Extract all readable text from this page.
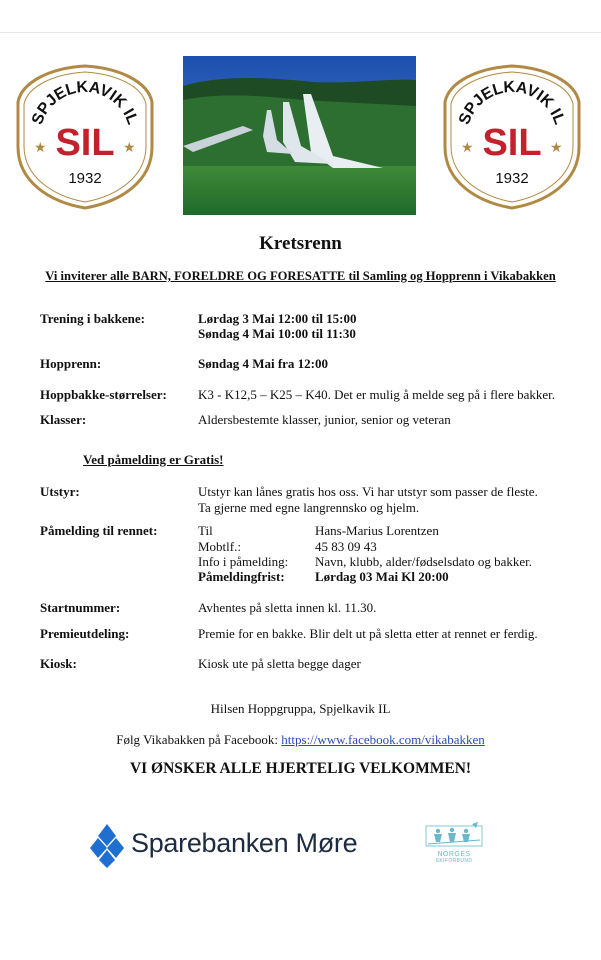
SPJELKAVIK IL
SIL
★	★
1932
SPJELKAVIK IL
SIL
★	★
1932
Kretsrenn
Vi inviterer alle BARN, FORELDRE OG FORESATTE til Samling og Hopprenn i Vikabakken
Trening i bakkene:	Lørdag 3 Mai 12:00 til 15:00
Søndag 4 Mai 10:00 til 11:30
Hopprenn:	Søndag 4 Mai fra 12:00
Hoppbakke-størrelser: K3 - K12,5 – K25 – K40. Det er mulig å melde seg på i flere bakker.
Klasser:	Aldersbestemte klasser, junior, senior og veteran
Ved påmelding er Gratis!
Utstyr:	Utstyr kan lånes gratis hos oss. Vi har utstyr som passer de fleste.
Ta gjerne med egne langrennsko og hjelm.
Påmelding til rennet:	Til	Hans-Marius Lorentzen
Mobtlf.:	45 83 09 43
Info i påmelding: Navn, klubb, alder/fødselsdato og bakker.
Påmeldingfrist: Lørdag 03 Mai Kl 20:00
Startnummer:	Avhentes på sletta innen kl. 11.30.
Premieutdeling:	Premie for en bakke. Blir delt ut på sletta etter at rennet er ferdig.
Kiosk:	Kiosk ute på sletta begge dager
Hilsen Hoppgruppa, Spjelkavik IL
Følg Vikabakken på Facebook: https://www.facebook.com/vikabakken
VI ØNSKER ALLE HJERTELIG VELKOMMEN!
Sparebanken Møre	NORGES
SKIFORBUND
